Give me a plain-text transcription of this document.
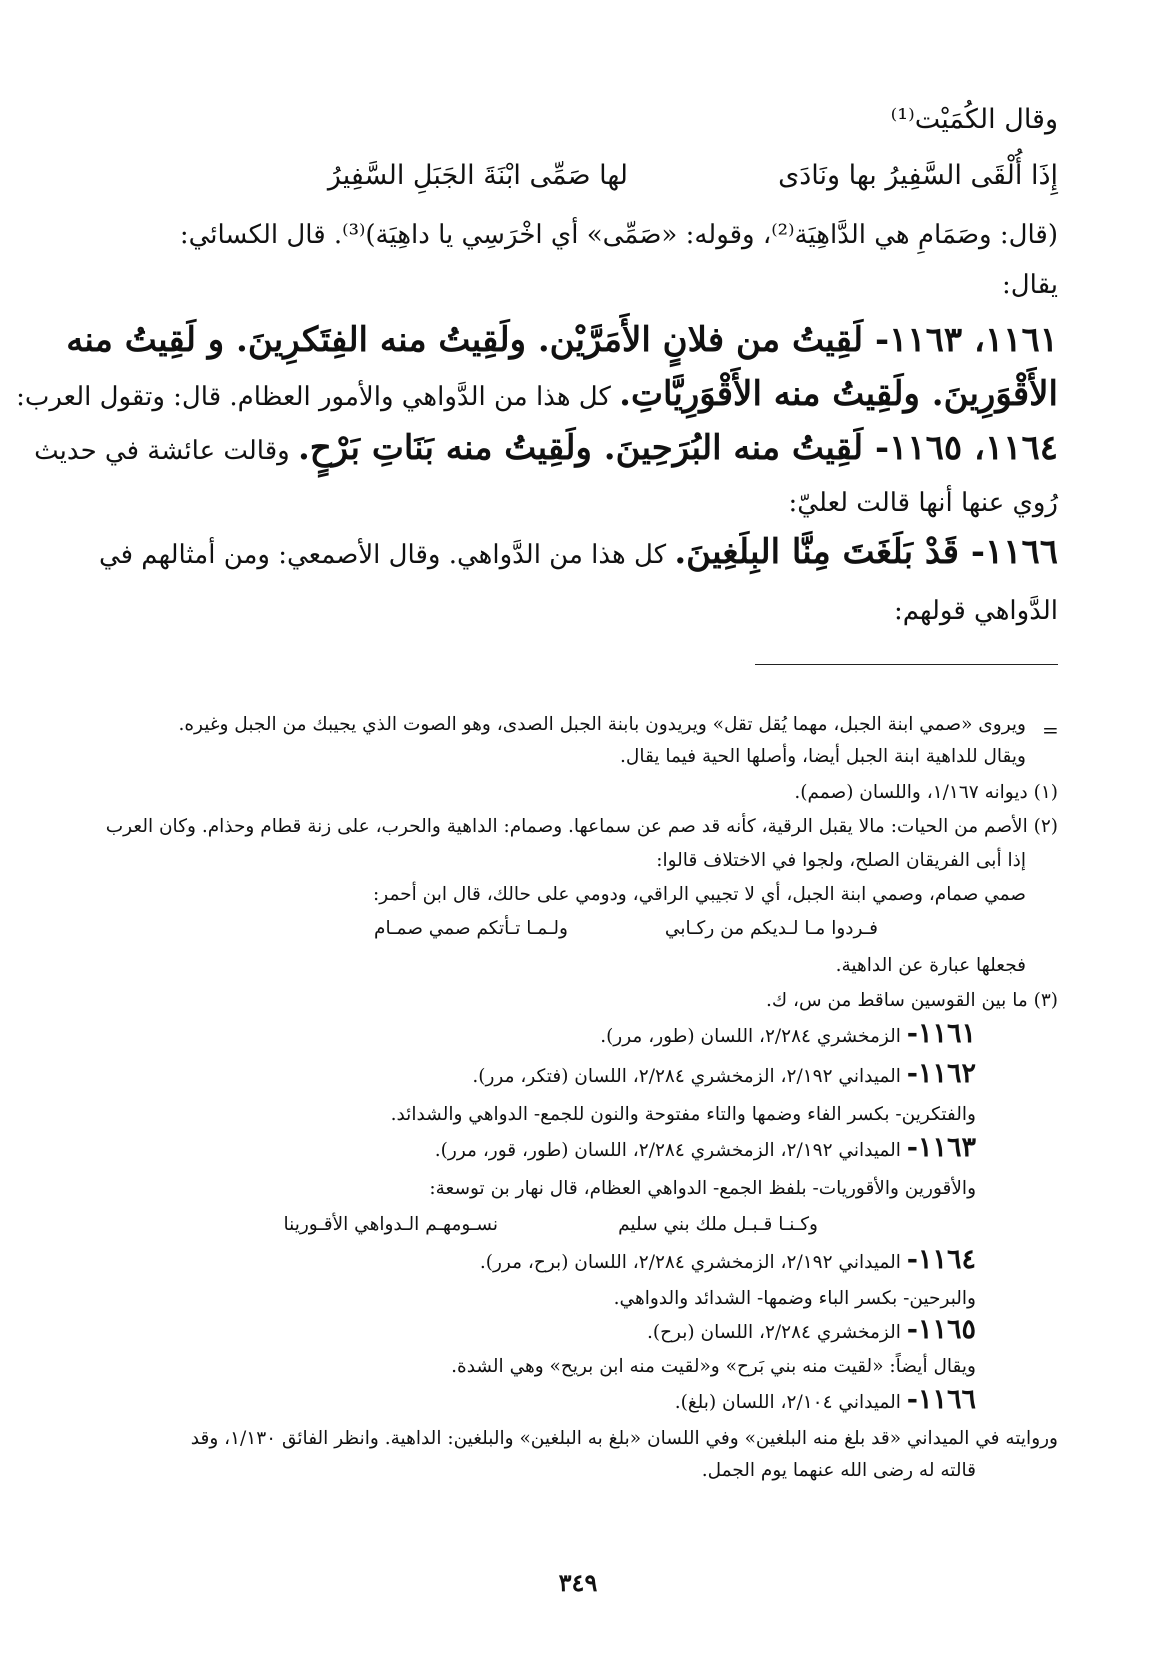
وقال الكُمَيْت⁽¹⁾
إِذَا أُلْقَى السَّفِيرُ بها ونَادَى
لها صَمِّى ابْنَةَ الجَبَلِ السَّفِيرُ
(قال: وصَمَامِ هي الدَّاهِيَة⁽²⁾، وقوله: «صَمِّى» أي اخْرَسِي يا داهِيَة)⁽³⁾. قال الكسائي:
يقال:
١١٦١، ١١٦٣- لَقِيتُ من فلانٍ الأَمَرَّيْن. ولَقِيتُ منه الفِتَكرِينَ. و لَقِيتُ منه
الأَقْوَرِينَ. ولَقِيتُ منه الأَقْوَرِيَّاتِ. كل هذا من الدَّواهي والأمور العظام. قال: وتقول العرب:
١١٦٤، ١١٦٥- لَقِيتُ منه البُرَحِينَ. ولَقِيتُ منه بَنَاتِ بَرْحٍ. وقالت عائشة في حديث
رُوي عنها أنها قالت لعليّ:
١١٦٦- قَدْ بَلَغَتَ مِنَّا البِلَغِينَ. كل هذا من الدَّواهي. وقال الأصمعي: ومن أمثالهم في
الدَّواهي قولهم:
=
ويروى «صمي ابنة الجبل، مهما يُقل تقل» ويريدون بابنة الجبل الصدى، وهو الصوت الذي يجيبك من الجبل وغيره.
ويقال للداهية ابنة الجبل أيضا، وأصلها الحية فيما يقال.
(١) ديوانه ١/١٦٧، واللسان (صمم).
(٢) الأصم من الحيات: مالا يقبل الرقية، كأنه قد صم عن سماعها. وصمام: الداهية والحرب، على زنة قطام وحذام. وكان العرب
إذا أبى الفريقان الصلح، ولجوا في الاختلاف قالوا:
صمي صمام، وصمي ابنة الجبل، أي لا تجيبي الراقي، ودومي على حالك، قال ابن أحمر:
فـردوا مـا لـديكم من ركـابي
ولـمـا تـأتكم صمي صمـام
فجعلها عبارة عن الداهية.
(٣) ما بين القوسين ساقط من س، ك.
١١٦١- الزمخشري ٢/٢٨٤، اللسان (طور، مرر).
١١٦٢- الميداني ٢/١٩٢، الزمخشري ٢/٢٨٤، اللسان (فتكر، مرر).
والفتكرين- بكسر الفاء وضمها والتاء مفتوحة والنون للجمع- الدواهي والشدائد.
١١٦٣- الميداني ٢/١٩٢، الزمخشري ٢/٢٨٤، اللسان (طور، قور، مرر).
والأقورين والأقوريات- بلفظ الجمع- الدواهي العظام، قال نهار بن توسعة:
وكـنـا قـبـل ملك بني سليم
نسـومهـم الـدواهي الأقـورينا
١١٦٤- الميداني ٢/١٩٢، الزمخشري ٢/٢٨٤، اللسان (برح، مرر).
والبرحين- بكسر الباء وضمها- الشدائد والدواهي.
١١٦٥- الزمخشري ٢/٢٨٤، اللسان (برح).
ويقال أيضاً: «لقيت منه بني بَرح» و«لقيت منه ابن بريح» وهي الشدة.
١١٦٦- الميداني ٢/١٠٤، اللسان (بلغ).
وروايته في الميداني «قد بلغ منه البلغين» وفي اللسان «بلغ به البلغين» والبلغين: الداهية. وانظر الفائق ١/١٣٠، وقد
قالته له رضى الله عنهما يوم الجمل.
٣٤٩
